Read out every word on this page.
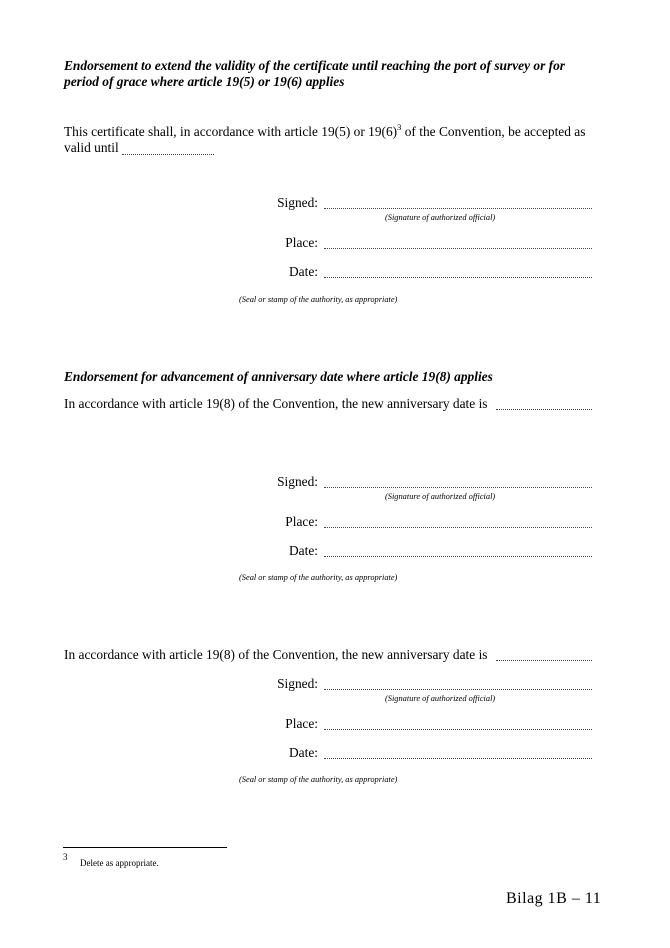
Endorsement to extend the validity of the certificate until reaching the port of survey or for
period of grace where article 19(5) or 19(6) applies
This certificate shall, in accordance with article 19(5) or $19(6)^3$ of the Convention, be accepted as
valid until
Signed:
(Signature of authorized official)
Place:
Date:
(Seal or stamp of the authority, as appropriate)
Endorsement for advancement of anniversary date where article 19(8) applies
In accordance with article 19(8) of the Convention, the new anniversary date is
Signed:
(Signature of authorized official)
Place:
Date:
(Seal or stamp of the authority, as appropriate)
In accordance with article 19(8) of the Convention, the new anniversary date is
Signed:
(Signature of authorized official)
Place:
Date:
(Seal or stamp of the authority, as appropriate)
3
Delete as appropriate.
Bilag 1B – 11
